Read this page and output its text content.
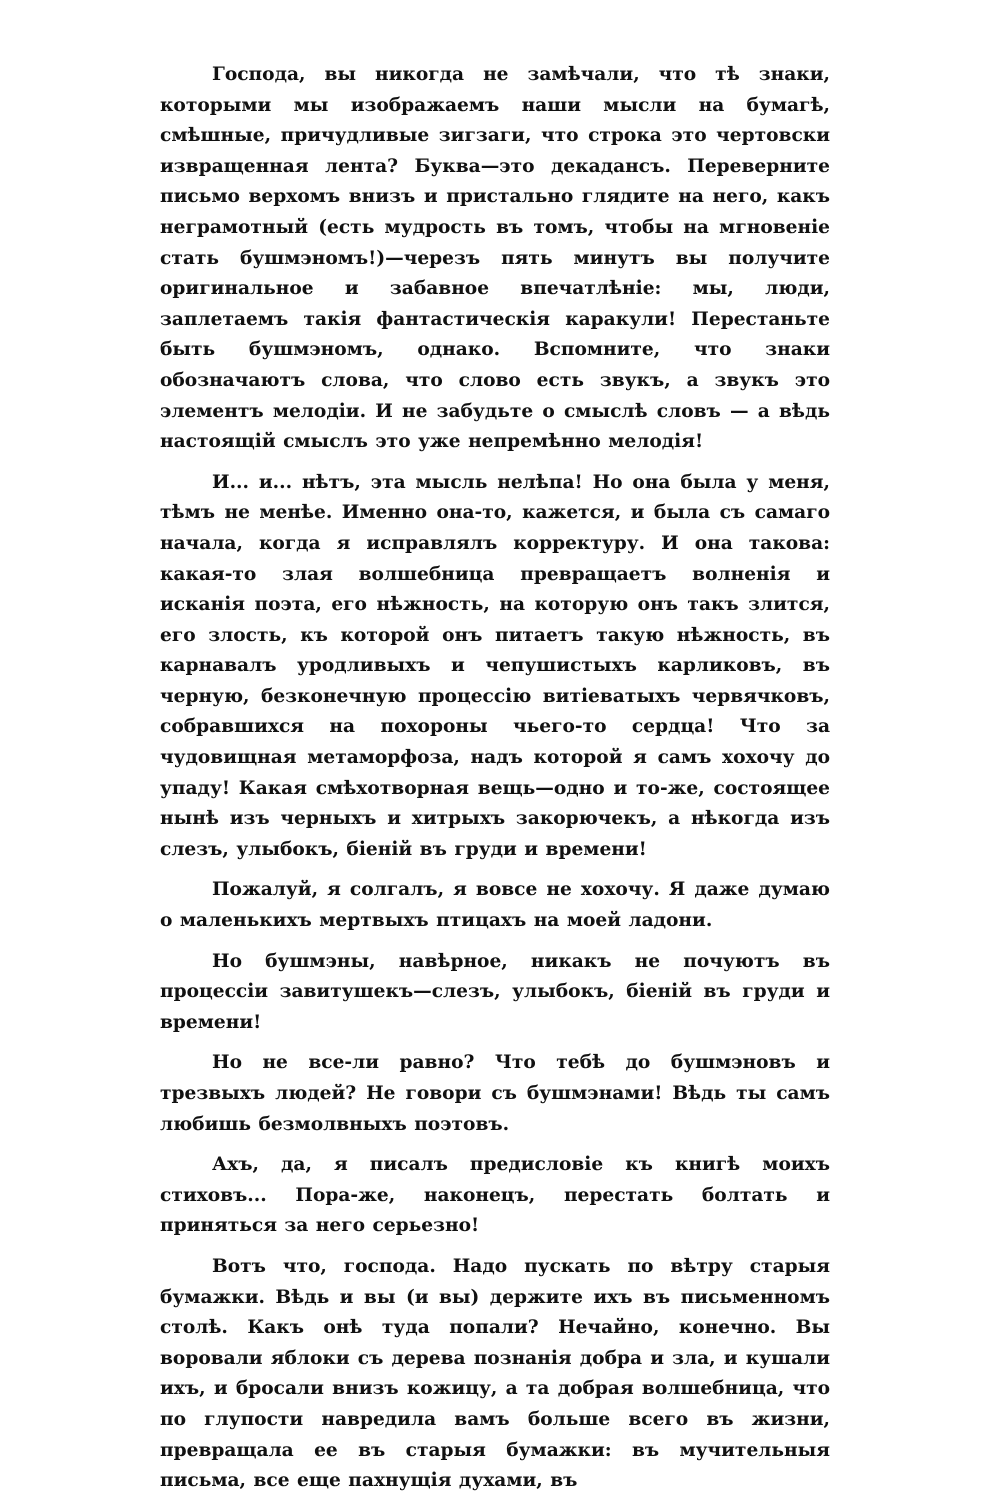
Господа, вы никогда не замѣчали, что тѣ знаки, которыми мы изображаемъ наши мысли на бумагѣ, смѣшные, причудливые зигзаги, что строка это чертовски извращенная лента? Буква—это декадансъ. Переверните письмо верхомъ внизъ и пристально глядите на него, какъ неграмотный (есть мудрость въ томъ, чтобы на мгновеніе стать бушмэномъ!)—черезъ пять минутъ вы получите оригинальное и забавное впечатлѣніе: мы, люди, заплетаемъ такія фантастическія каракули! Перестаньте быть бушмэномъ, однако. Вспомните, что знаки обозначаютъ слова, что слово есть звукъ, а звукъ это элементъ мелодіи. И не забудьте о смыслѣ словъ — а вѣдь настоящій смыслъ это уже непремѣнно мелодія!

И... и... нѣтъ, эта мысль нелѣпа! Но она была у меня, тѣмъ не менѣе. Именно она-то, кажется, и была съ самаго начала, когда я исправлялъ корректуру. И она такова: какая-то злая волшебница превращаетъ волненія и исканія поэта, его нѣжность, на которую онъ такъ злится, его злость, къ которой онъ питаетъ такую нѣжность, въ карнавалъ уродливыхъ и чепушистыхъ карликовъ, въ черную, безконечную процессію витіеватыхъ червячковъ, собравшихся на похороны чьего-то сердца! Что за чудовищная метаморфоза, надъ которой я самъ хохочу до упаду! Какая смѣхотворная вещь—одно и то-же, состоящее нынѣ изъ черныхъ и хитрыхъ закорючекъ, а нѣкогда изъ слезъ, улыбокъ, біеній въ груди и времени!

Пожалуй, я солгалъ, я вовсе не хохочу. Я даже думаю о маленькихъ мертвыхъ птицахъ на моей ладони.

Но бушмэны, навѣрное, никакъ не почуютъ въ процессіи завитушекъ—слезъ, улыбокъ, біеній въ груди и времени!

Но не все-ли равно? Что тебѣ до бушмэновъ и трезвыхъ людей? Не говори съ бушмэнами! Вѣдь ты самъ любишь безмолвныхъ поэтовъ.

Ахъ, да, я писалъ предисловіе къ книгѣ моихъ стиховъ... Пора-же, наконецъ, перестать болтать и приняться за него серьезно!

Вотъ что, господа. Надо пускать по вѣтру старыя бумажки. Вѣдь и вы (и вы) держите ихъ въ письменномъ столѣ. Какъ онѣ туда попали? Нечайно, конечно. Вы воровали яблоки съ дерева познанія добра и зла, и кушали ихъ, и бросали внизъ кожицу, а та добрая волшебница, что по глупости навредила вамъ больше всего въ жизни, превращала ее въ старыя бумажки: въ мучительныя письма, все еще пахнущія духами, въ
